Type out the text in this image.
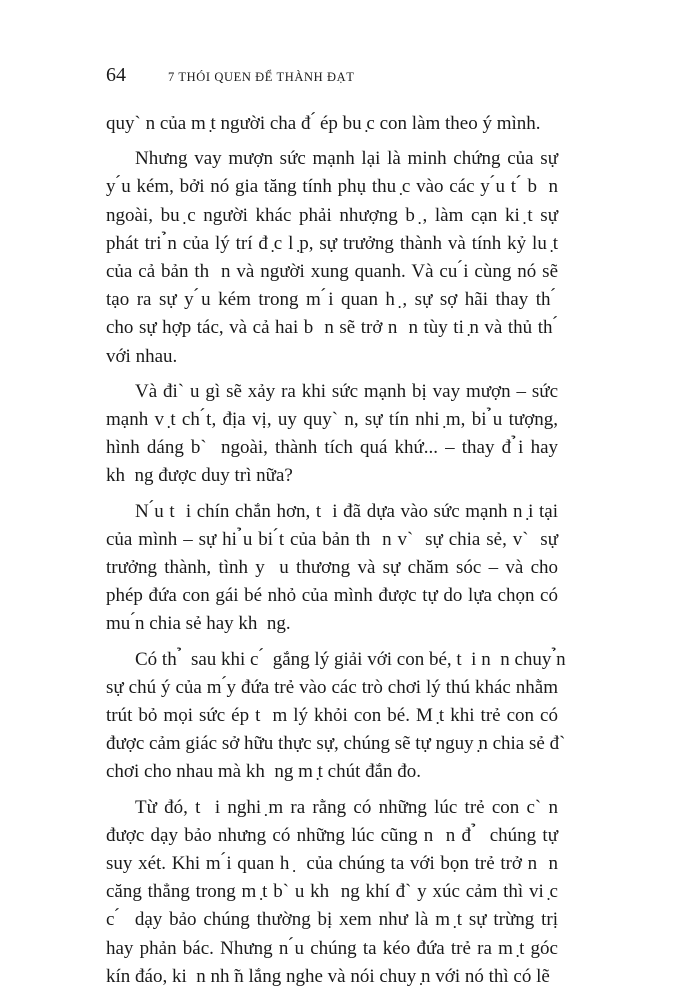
64	7 THÓI QUEN ĐỂ THÀNH ĐẠT

quy` n của m ̣t người cha đ ́ ép bu ̣c con làm theo ý mình.

Nhưng vay mượn sức mạnh lại là minh chứng của sự
y ́u kém, bởi nó gia tăng tính phụ thu ̣c vào các y ́u t ́ b  n
ngoài, bu ̣c người khác phải nhượng b ̣, làm cạn ki ̣t sự
phát tri ̉n của lý trí đ ̣c l ̣p, sự trưởng thành và tính kỷ lu ̣t
của cả bản th  n và người xung quanh. Và cu ́i cùng nó sẽ
tạo ra sự y ́u kém trong m ́i quan h ̣, sự sợ hãi thay th ́
cho sự hợp tác, và cả hai b  n sẽ trở n  n tùy ti ̣n và thủ th ́
với nhau.

Và đi` u gì sẽ xảy ra khi sức mạnh bị vay mượn – sức
mạnh v ̣t ch ́t, địa vị, uy quy` n, sự tín nhi ̣m, bi ̉u tượng,
hình dáng b`  ngoài, thành tích quá khứ... – thay đ ̉i hay
kh  ng được duy trì nữa?

N ́u t  i chín chắn hơn, t  i đã dựa vào sức mạnh n ̣i tại
của mình – sự hi ̉u bi ́t của bản th  n v`  sự chia sẻ, v`  sự
trưởng thành, tình y  u thương và sự chăm sóc – và cho
phép đứa con gái bé nhỏ của mình được tự do lựa chọn có
mu ́n chia sẻ hay kh  ng.

Có th ̉  sau khi c ́  gắng lý giải với con bé, t  i n  n chuy ̉n
sự chú ý của m ́y đứa trẻ vào các trò chơi lý thú khác nhằm
trút bỏ mọi sức ép t  m lý khỏi con bé. M ̣t khi trẻ con có
được cảm giác sở hữu thực sự, chúng sẽ tự nguy ̣n chia sẻ đ`
chơi cho nhau mà kh  ng m ̣t chút đắn đo.

Từ đó, t  i nghi ̣m ra rằng có những lúc trẻ con c` n
được dạy bảo nhưng có những lúc cũng n  n đ ̉  chúng tự
suy xét. Khi m ́i quan h ̣  của chúng ta với bọn trẻ trở n  n
căng thẳng trong m ̣t b` u kh  ng khí đ` y xúc cảm thì vi ̣c
c ́  dạy bảo chúng thường bị xem như là m ̣t sự trừng trị
hay phản bác. Nhưng n ́u chúng ta kéo đứa trẻ ra m ̣t góc
kín đáo, ki  n nh ̃n lắng nghe và nói chuy ̣n với nó thì có lẽ
